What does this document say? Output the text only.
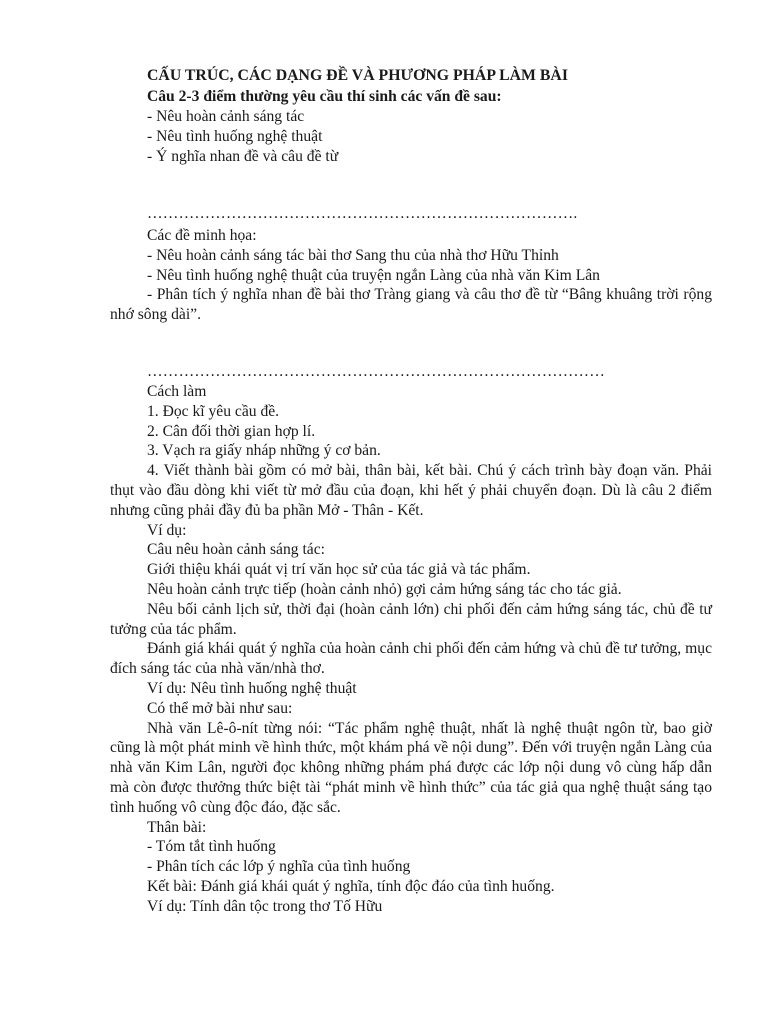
CẤU TRÚC, CÁC DẠNG ĐỀ VÀ PHƯƠNG PHÁP LÀM BÀI

Câu 2-3 điểm thường yêu cầu thí sinh các vấn đề sau:

- Nêu hoàn cảnh sáng tác

- Nêu tình huống nghệ thuật

- Ý nghĩa nhan đề và câu đề từ

……………………………………………………………………….

Các đề minh họa:

- Nêu hoàn cảnh sáng tác bài thơ Sang thu của nhà thơ Hữu Thỉnh

- Nêu tình huống nghệ thuật của truyện ngắn Làng của nhà văn Kim Lân

- Phân tích ý nghĩa nhan đề bài thơ Tràng giang và câu thơ đề từ “Bâng khuâng trời rộng nhớ sông dài”.

……………………………………………………………………………

Cách làm

1. Đọc kĩ yêu cầu đề.

2. Cân đối thời gian hợp lí.

3. Vạch ra giấy nháp những ý cơ bản.

4. Viết thành bài gồm có mở bài, thân bài, kết bài. Chú ý cách trình bày đoạn văn. Phải thụt vào đầu dòng khi viết từ mở đầu của đoạn, khi hết ý phải chuyển đoạn. Dù là câu 2 điểm nhưng cũng phải đầy đủ ba phần Mở - Thân - Kết.

Ví dụ:

Câu nêu hoàn cảnh sáng tác:

Giới thiệu khái quát vị trí văn học sử của tác giả và tác phẩm.

Nêu hoàn cảnh trực tiếp (hoàn cảnh nhỏ) gợi cảm hứng sáng tác cho tác giả.

Nêu bối cảnh lịch sử, thời đại (hoàn cảnh lớn) chi phối đến cảm hứng sáng tác, chủ đề tư tưởng của tác phẩm.

Đánh giá khái quát ý nghĩa của hoàn cảnh chi phối đến cảm hứng và chủ đề tư tưởng, mục đích sáng tác của nhà văn/nhà thơ.

Ví dụ: Nêu tình huống nghệ thuật

Có thể mở bài như sau:

Nhà văn Lê-ô-nít từng nói: “Tác phẩm nghệ thuật, nhất là nghệ thuật ngôn từ, bao giờ cũng là một phát minh về hình thức, một khám phá về nội dung”. Đến với truyện ngắn Làng của nhà văn Kim Lân, người đọc không những phám phá được các lớp nội dung vô cùng hấp dẫn mà còn được thưởng thức biệt tài “phát minh về hình thức” của tác giả qua nghệ thuật sáng tạo tình huống vô cùng độc đáo, đặc sắc.

Thân bài:

- Tóm tắt tình huống

- Phân tích các lớp ý nghĩa của tình huống

Kết bài: Đánh giá khái quát ý nghĩa, tính độc đáo của tình huống.

Ví dụ: Tính dân tộc trong thơ Tố Hữu
